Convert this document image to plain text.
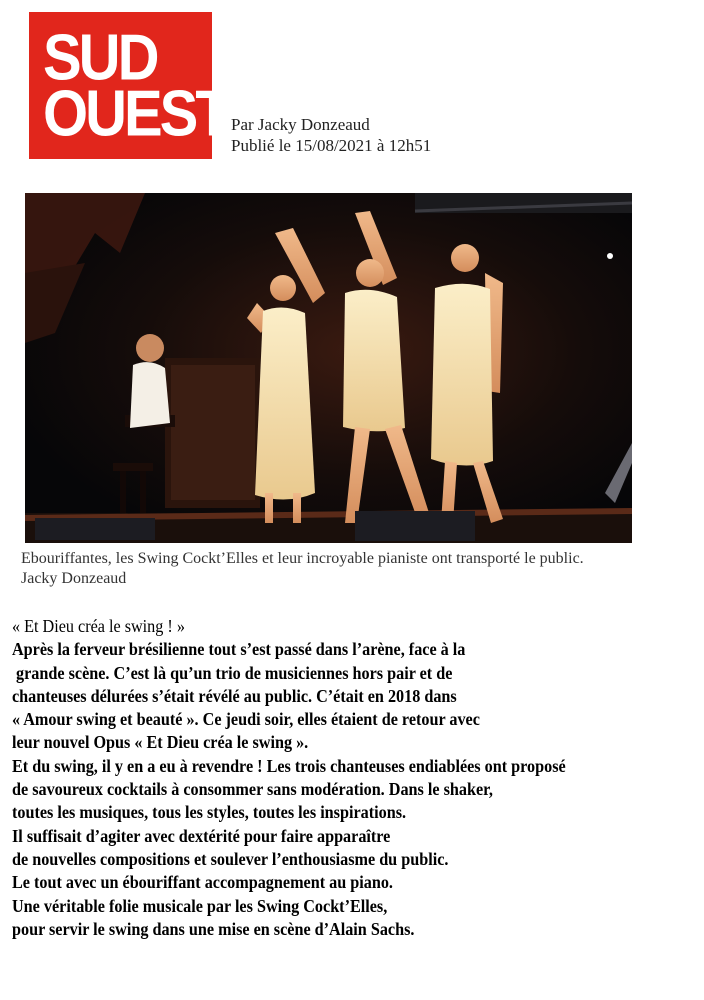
SUD
OUEST Par Jacky Donzeaud
Publié le 15/08/2021 à 12h51
Ebouriffantes, les Swing Cockt’Elles et leur incroyable pianiste ont transporté le public.
Jacky Donzeaud
« Et Dieu créa le swing ! »
Après la ferveur brésilienne tout s’est passé dans l’arène, face à la
grande scène. C’est là qu’un trio de musiciennes hors pair et de
chanteuses délurées s’était révélé au public. C’était en 2018 dans
« Amour swing et beauté ». Ce jeudi soir, elles étaient de retour avec
leur nouvel Opus « Et Dieu créa le swing ».
Et du swing, il y en a eu à revendre ! Les trois chanteuses endiablées ont proposé
de savoureux cocktails à consommer sans modération. Dans le shaker,
toutes les musiques, tous les styles, toutes les inspirations.
Il suffisait d’agiter avec dextérité pour faire apparaître
de nouvelles compositions et soulever l’enthousiasme du public.
Le tout avec un ébouriffant accompagnement au piano.
Une véritable folie musicale par les Swing Cockt’Elles,
pour servir le swing dans une mise en scène d’Alain Sachs.
